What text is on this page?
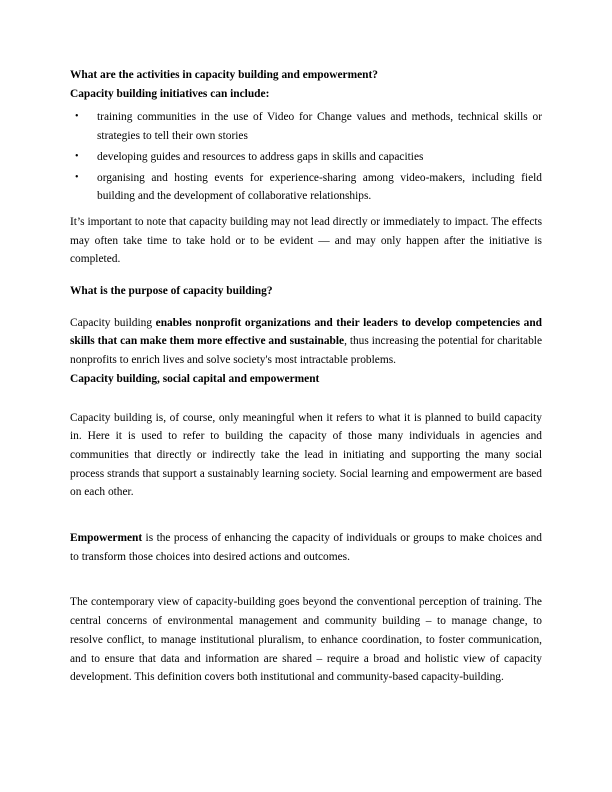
What are the activities in capacity building and empowerment?
Capacity building initiatives can include:
• training communities in the use of Video for Change values and methods, technical skills or strategies to tell their own stories
• developing guides and resources to address gaps in skills and capacities
• organising and hosting events for experience-sharing among video-makers, including field building and the development of collaborative relationships.

It’s important to note that capacity building may not lead directly or immediately to impact. The effects may often take time to take hold or to be evident — and may only happen after the initiative is completed.

What is the purpose of capacity building?

Capacity building enables nonprofit organizations and their leaders to develop competencies and skills that can make them more effective and sustainable, thus increasing the potential for charitable nonprofits to enrich lives and solve society's most intractable problems.

Capacity building, social capital and empowerment

Capacity building is, of course, only meaningful when it refers to what it is planned to build capacity in. Here it is used to refer to building the capacity of those many individuals in agencies and communities that directly or indirectly take the lead in initiating and supporting the many social process strands that support a sustainably learning society. Social learning and empowerment are based on each other.

Empowerment is the process of enhancing the capacity of individuals or groups to make choices and to transform those choices into desired actions and outcomes.

The contemporary view of capacity-building goes beyond the conventional perception of training. The central concerns of environmental management and community building – to manage change, to resolve conflict, to manage institutional pluralism, to enhance coordination, to foster communication, and to ensure that data and information are shared – require a broad and holistic view of capacity development. This definition covers both institutional and community-based capacity-building.
